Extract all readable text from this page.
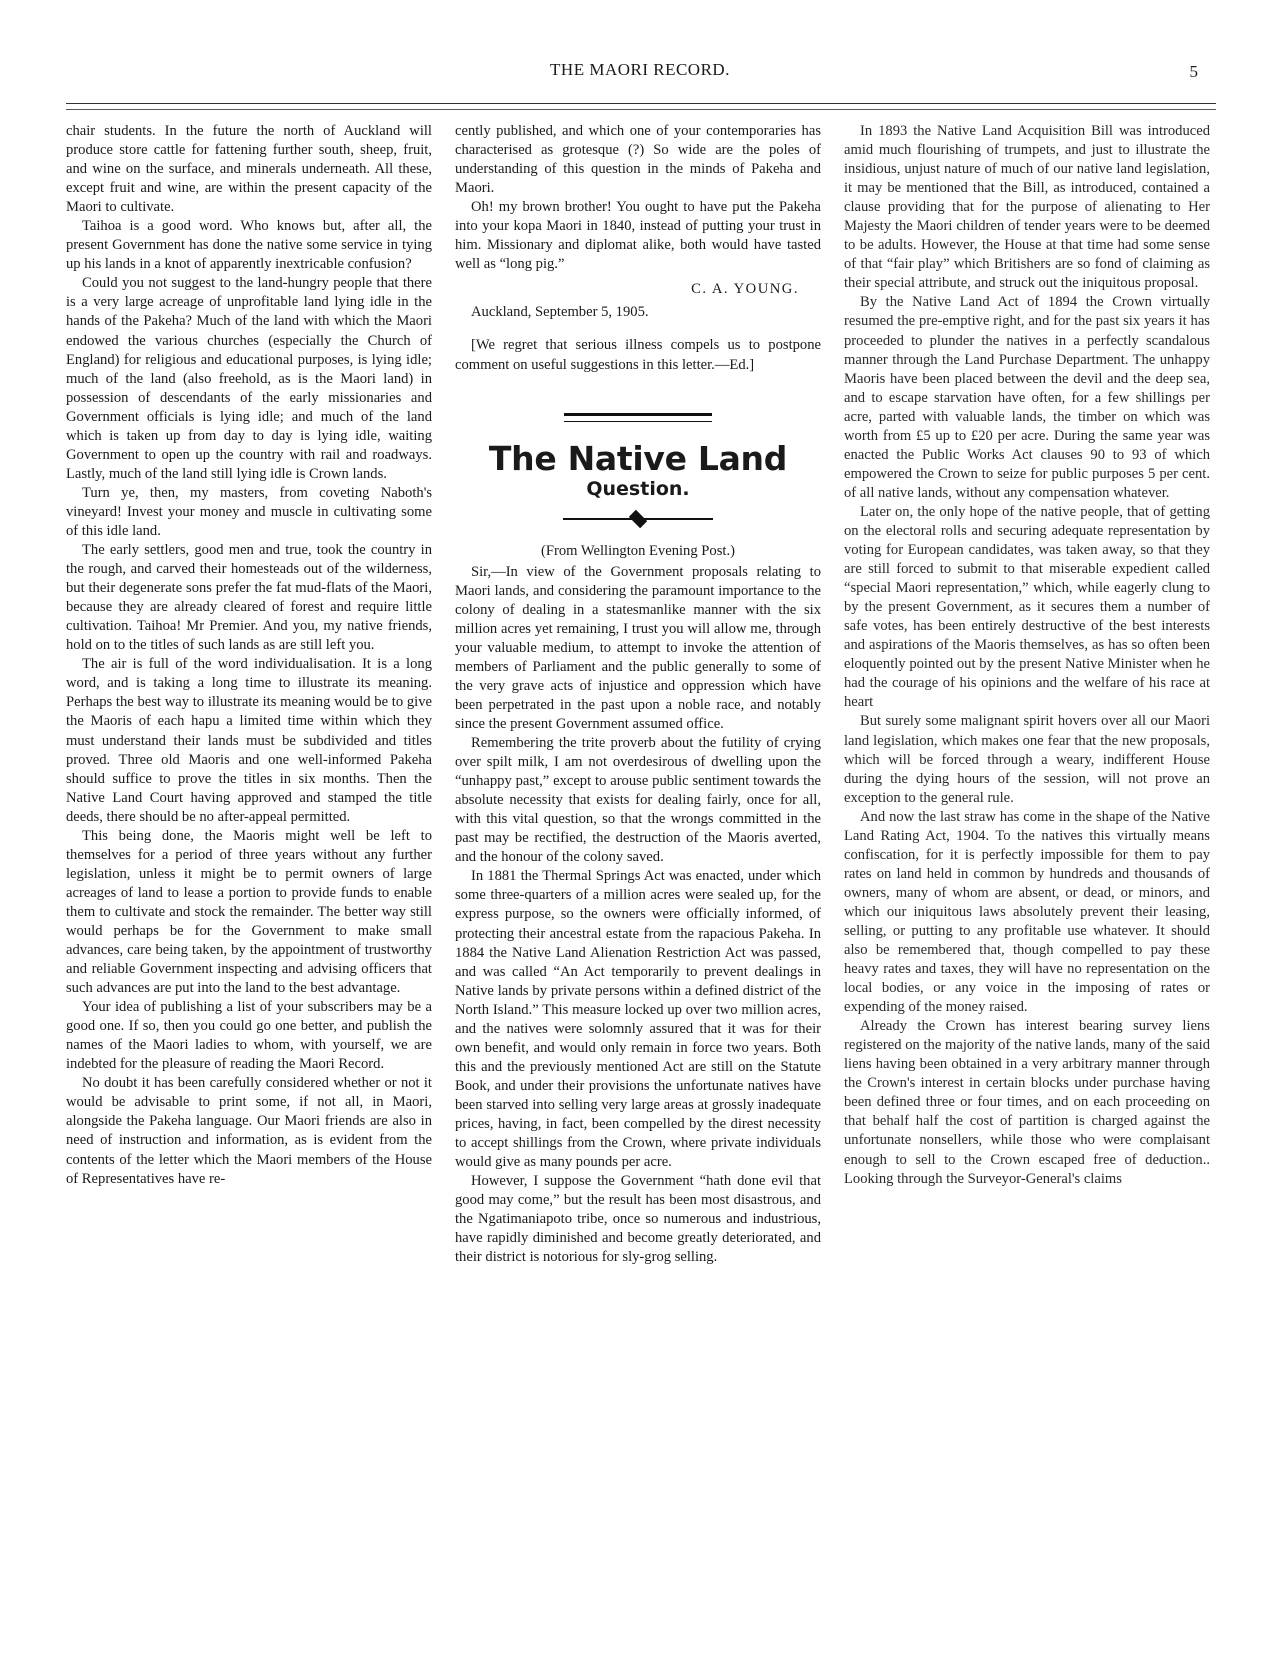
THE MAORI RECORD.	5

chair students. In the future the north of Auckland will produce store cattle for fattening further south, sheep, fruit, and wine on the surface, and minerals underneath. All these, except fruit and wine, are within the present capacity of the Maori to cultivate.

Taihoa is a good word. Who knows but, after all, the present Government has done the native some service in tying up his lands in a knot of apparently inextricable confusion?

Could you not suggest to the land-hungry people that there is a very large acreage of unprofitable land lying idle in the hands of the Pakeha? Much of the land with which the Maori endowed the various churches (especially the Church of England) for religious and educational purposes, is lying idle; much of the land (also freehold, as is the Maori land) in possession of descendants of the early missionaries and Government officials is lying idle; and much of the land which is taken up from day to day is lying idle, waiting Government to open up the country with rail and roadways. Lastly, much of the land still lying idle is Crown lands.

Turn ye, then, my masters, from coveting Naboth's vineyard! Invest your money and muscle in cultivating some of this idle land.

The early settlers, good men and true, took the country in the rough, and carved their homesteads out of the wilderness, but their degenerate sons prefer the fat mud-flats of the Maori, because they are already cleared of forest and require little cultivation. Taihoa! Mr Premier. And you, my native friends, hold on to the titles of such lands as are still left you.

The air is full of the word individualisation. It is a long word, and is taking a long time to illustrate its meaning. Perhaps the best way to illustrate its meaning would be to give the Maoris of each hapu a limited time within which they must understand their lands must be subdivided and titles proved. Three old Maoris and one well-informed Pakeha should suffice to prove the titles in six months. Then the Native Land Court having approved and stamped the title deeds, there should be no after-appeal permitted.

This being done, the Maoris might well be left to themselves for a period of three years without any further legislation, unless it might be to permit owners of large acreages of land to lease a portion to provide funds to enable them to cultivate and stock the remainder. The better way still would perhaps be for the Government to make small advances, care being taken, by the appointment of trustworthy and reliable Government inspecting and advising officers that such advances are put into the land to the best advantage.

Your idea of publishing a list of your subscribers may be a good one. If so, then you could go one better, and publish the names of the Maori ladies to whom, with yourself, we are indebted for the pleasure of reading the Maori Record.

No doubt it has been carefully considered whether or not it would be advisable to print some, if not all, in Maori, alongside the Pakeha language. Our Maori friends are also in need of instruction and information, as is evident from the contents of the letter which the Maori members of the House of Representatives have re-

cently published, and which one of your contemporaries has characterised as grotesque (?) So wide are the poles of understanding of this question in the minds of Pakeha and Maori.

Oh! my brown brother! You ought to have put the Pakeha into your kopa Maori in 1840, instead of putting your trust in him. Missionary and diplomat alike, both would have tasted well as “long pig.”

C. A. YOUNG.

Auckland, September 5, 1905.

[We regret that serious illness compels us to postpone comment on useful suggestions in this letter.—Ed.]

The Native Land
Question.

(From Wellington Evening Post.)

Sir,—In view of the Government proposals relating to Maori lands, and considering the paramount importance to the colony of dealing in a statesmanlike manner with the six million acres yet remaining, I trust you will allow me, through your valuable medium, to attempt to invoke the attention of members of Parliament and the public generally to some of the very grave acts of injustice and oppression which have been perpetrated in the past upon a noble race, and notably since the present Government assumed office.

Remembering the trite proverb about the futility of crying over spilt milk, I am not overdesirous of dwelling upon the “unhappy past,” except to arouse public sentiment towards the absolute necessity that exists for dealing fairly, once for all, with this vital question, so that the wrongs committed in the past may be rectified, the destruction of the Maoris averted, and the honour of the colony saved.

In 1881 the Thermal Springs Act was enacted, under which some three-quarters of a million acres were sealed up, for the express purpose, so the owners were officially informed, of protecting their ancestral estate from the rapacious Pakeha. In 1884 the Native Land Alienation Restriction Act was passed, and was called “An Act temporarily to prevent dealings in Native lands by private persons within a defined district of the North Island.” This measure locked up over two million acres, and the natives were solomnly assured that it was for their own benefit, and would only remain in force two years. Both this and the previously mentioned Act are still on the Statute Book, and under their provisions the unfortunate natives have been starved into selling very large areas at grossly inadequate prices, having, in fact, been compelled by the direst necessity to accept shillings from the Crown, where private individuals would give as many pounds per acre.

However, I suppose the Government “hath done evil that good may come,” but the result has been most disastrous, and the Ngatimaniapoto tribe, once so numerous and industrious, have rapidly diminished and become greatly deteriorated, and their district is notorious for sly-grog selling.

In 1893 the Native Land Acquisition Bill was introduced amid much flourishing of trumpets, and just to illustrate the insidious, unjust nature of much of our native land legislation, it may be mentioned that the Bill, as introduced, contained a clause providing that for the purpose of alienating to Her Majesty the Maori children of tender years were to be deemed to be adults. However, the House at that time had some sense of that “fair play” which Britishers are so fond of claiming as their special attribute, and struck out the iniquitous proposal.

By the Native Land Act of 1894 the Crown virtually resumed the pre-emptive right, and for the past six years it has proceeded to plunder the natives in a perfectly scandalous manner through the Land Purchase Department. The unhappy Maoris have been placed between the devil and the deep sea, and to escape starvation have often, for a few shillings per acre, parted with valuable lands, the timber on which was worth from £5 up to £20 per acre. During the same year was enacted the Public Works Act clauses 90 to 93 of which empowered the Crown to seize for public purposes 5 per cent. of all native lands, without any compensation whatever.

Later on, the only hope of the native people, that of getting on the electoral rolls and securing adequate representation by voting for European candidates, was taken away, so that they are still forced to submit to that miserable expedient called “special Maori representation,” which, while eagerly clung to by the present Government, as it secures them a number of safe votes, has been entirely destructive of the best interests and aspirations of the Maoris themselves, as has so often been eloquently pointed out by the present Native Minister when he had the courage of his opinions and the welfare of his race at heart

But surely some malignant spirit hovers over all our Maori land legislation, which makes one fear that the new proposals, which will be forced through a weary, indifferent House during the dying hours of the session, will not prove an exception to the general rule.

And now the last straw has come in the shape of the Native Land Rating Act, 1904. To the natives this virtually means confiscation, for it is perfectly impossible for them to pay rates on land held in common by hundreds and thousands of owners, many of whom are absent, or dead, or minors, and which our iniquitous laws absolutely prevent their leasing, selling, or putting to any profitable use whatever. It should also be remembered that, though compelled to pay these heavy rates and taxes, they will have no representation on the local bodies, or any voice in the imposing of rates or expending of the money raised.

Already the Crown has interest bearing survey liens registered on the majority of the native lands, many of the said liens having been obtained in a very arbitrary manner through the Crown's interest in certain blocks under purchase having been defined three or four times, and on each proceeding on that behalf half the cost of partition is charged against the unfortunate nonsellers, while those who were complaisant enough to sell to the Crown escaped free of deduction.. Looking through the Surveyor-General's claims
